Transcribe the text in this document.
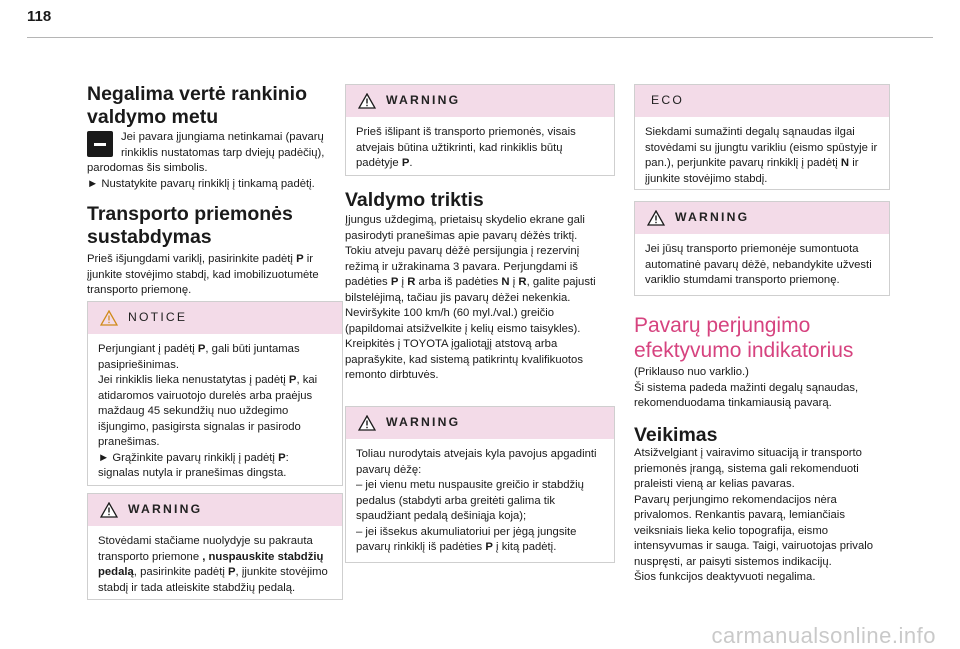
118
Negalima vertė rankinio valdymo metu
Jei pavara įjungiama netinkamai (pavarų rinkiklis nustatomas tarp dviejų padėčių), parodomas šis simbolis.
► Nustatykite pavarų rinkiklį į tinkamą padėtį.
Transporto priemonės sustabdymas

Prieš išjungdami variklį, pasirinkite padėtį P ir įjunkite stovėjimo stabdį, kad imobilizuotumėte transporto priemonę.

NOTICE

Perjungiant į padėtį P, gali būti juntamas pasipriešinimas.

Jei rinkiklis lieka nenustatytas į padėtį P, kai atidaromos vairuotojo durelės arba praėjus maždaug 45 sekundžių nuo uždegimo išjungimo, pasigirsta signalas ir pasirodo pranešimas.

► Grąžinkite pavarų rinkiklį į padėtį P: signalas nutyla ir pranešimas dingsta.

WARNING

Stovėdami stačiame nuolydyje su pakrauta transporto priemone , nuspauskite stabdžių pedalą, pasirinkite padėtį P, įjunkite stovėjimo stabdį ir tada atleiskite stabdžių pedalą.

WARNING

Prieš išlipant iš transporto priemonės, visais atvejais būtina užtikrinti, kad rinkiklis būtų padėtyje P.

Valdymo triktis

Įjungus uždegimą, prietaisų skydelio ekrane gali pasirodyti pranešimas apie pavarų dėžės triktį.

Tokiu atveju pavarų dėžė persijungia į rezervinį režimą ir užrakinama 3 pavara. Perjungdami iš padėties P į R arba iš padėties N į R, galite pajusti bilstelėjimą, tačiau jis pavarų dėžei nekenkia.

Neviršykite 100 km/h (60 myl./val.) greičio (papildomai atsižvelkite į kelių eismo taisykles).

Kreipkitės į TOYOTA įgaliotąjį atstovą arba paprašykite, kad sistemą patikrintų kvalifikuotos remonto dirbtuvės.

WARNING

Toliau nurodytais atvejais kyla pavojus apgadinti pavarų dėžę:

– jei vienu metu nuspausite greičio ir stabdžių pedalus (stabdyti arba greitėti galima tik spaudžiant pedalą dešiniąja koja);

– jei išsekus akumuliatoriui per jėgą jungsite pavarų rinkiklį iš padėties P į kitą padėtį.

ECO

Siekdami sumažinti degalų sąnaudas ilgai stovėdami su įjungtu varikliu (eismo spūstyje ir pan.), perjunkite pavarų rinkiklį į padėtį N ir įjunkite stovėjimo stabdį.

WARNING

Jei jūsų transporto priemonėje sumontuota automatinė pavarų dėžė, nebandykite užvesti variklio stumdami transporto priemonę.

Pavarų perjungimo efektyvumo indikatorius

(Priklauso nuo varklio.)

Ši sistema padeda mažinti degalų sąnaudas, rekomenduodama tinkamiausią pavarą.

Veikimas

Atsižvelgiant į vairavimo situaciją ir transporto priemonės įrangą, sistema gali rekomenduoti praleisti vieną ar kelias pavaras.

Pavarų perjungimo rekomendacijos nėra privalomos. Renkantis pavarą, lemiančiais veiksniais lieka kelio topografija, eismo intensyvumas ir sauga. Taigi, vairuotojas privalo nuspręsti, ar paisyti sistemos indikacijų.

Šios funkcijos deaktyvuoti negalima.

carmanualsonline.info
